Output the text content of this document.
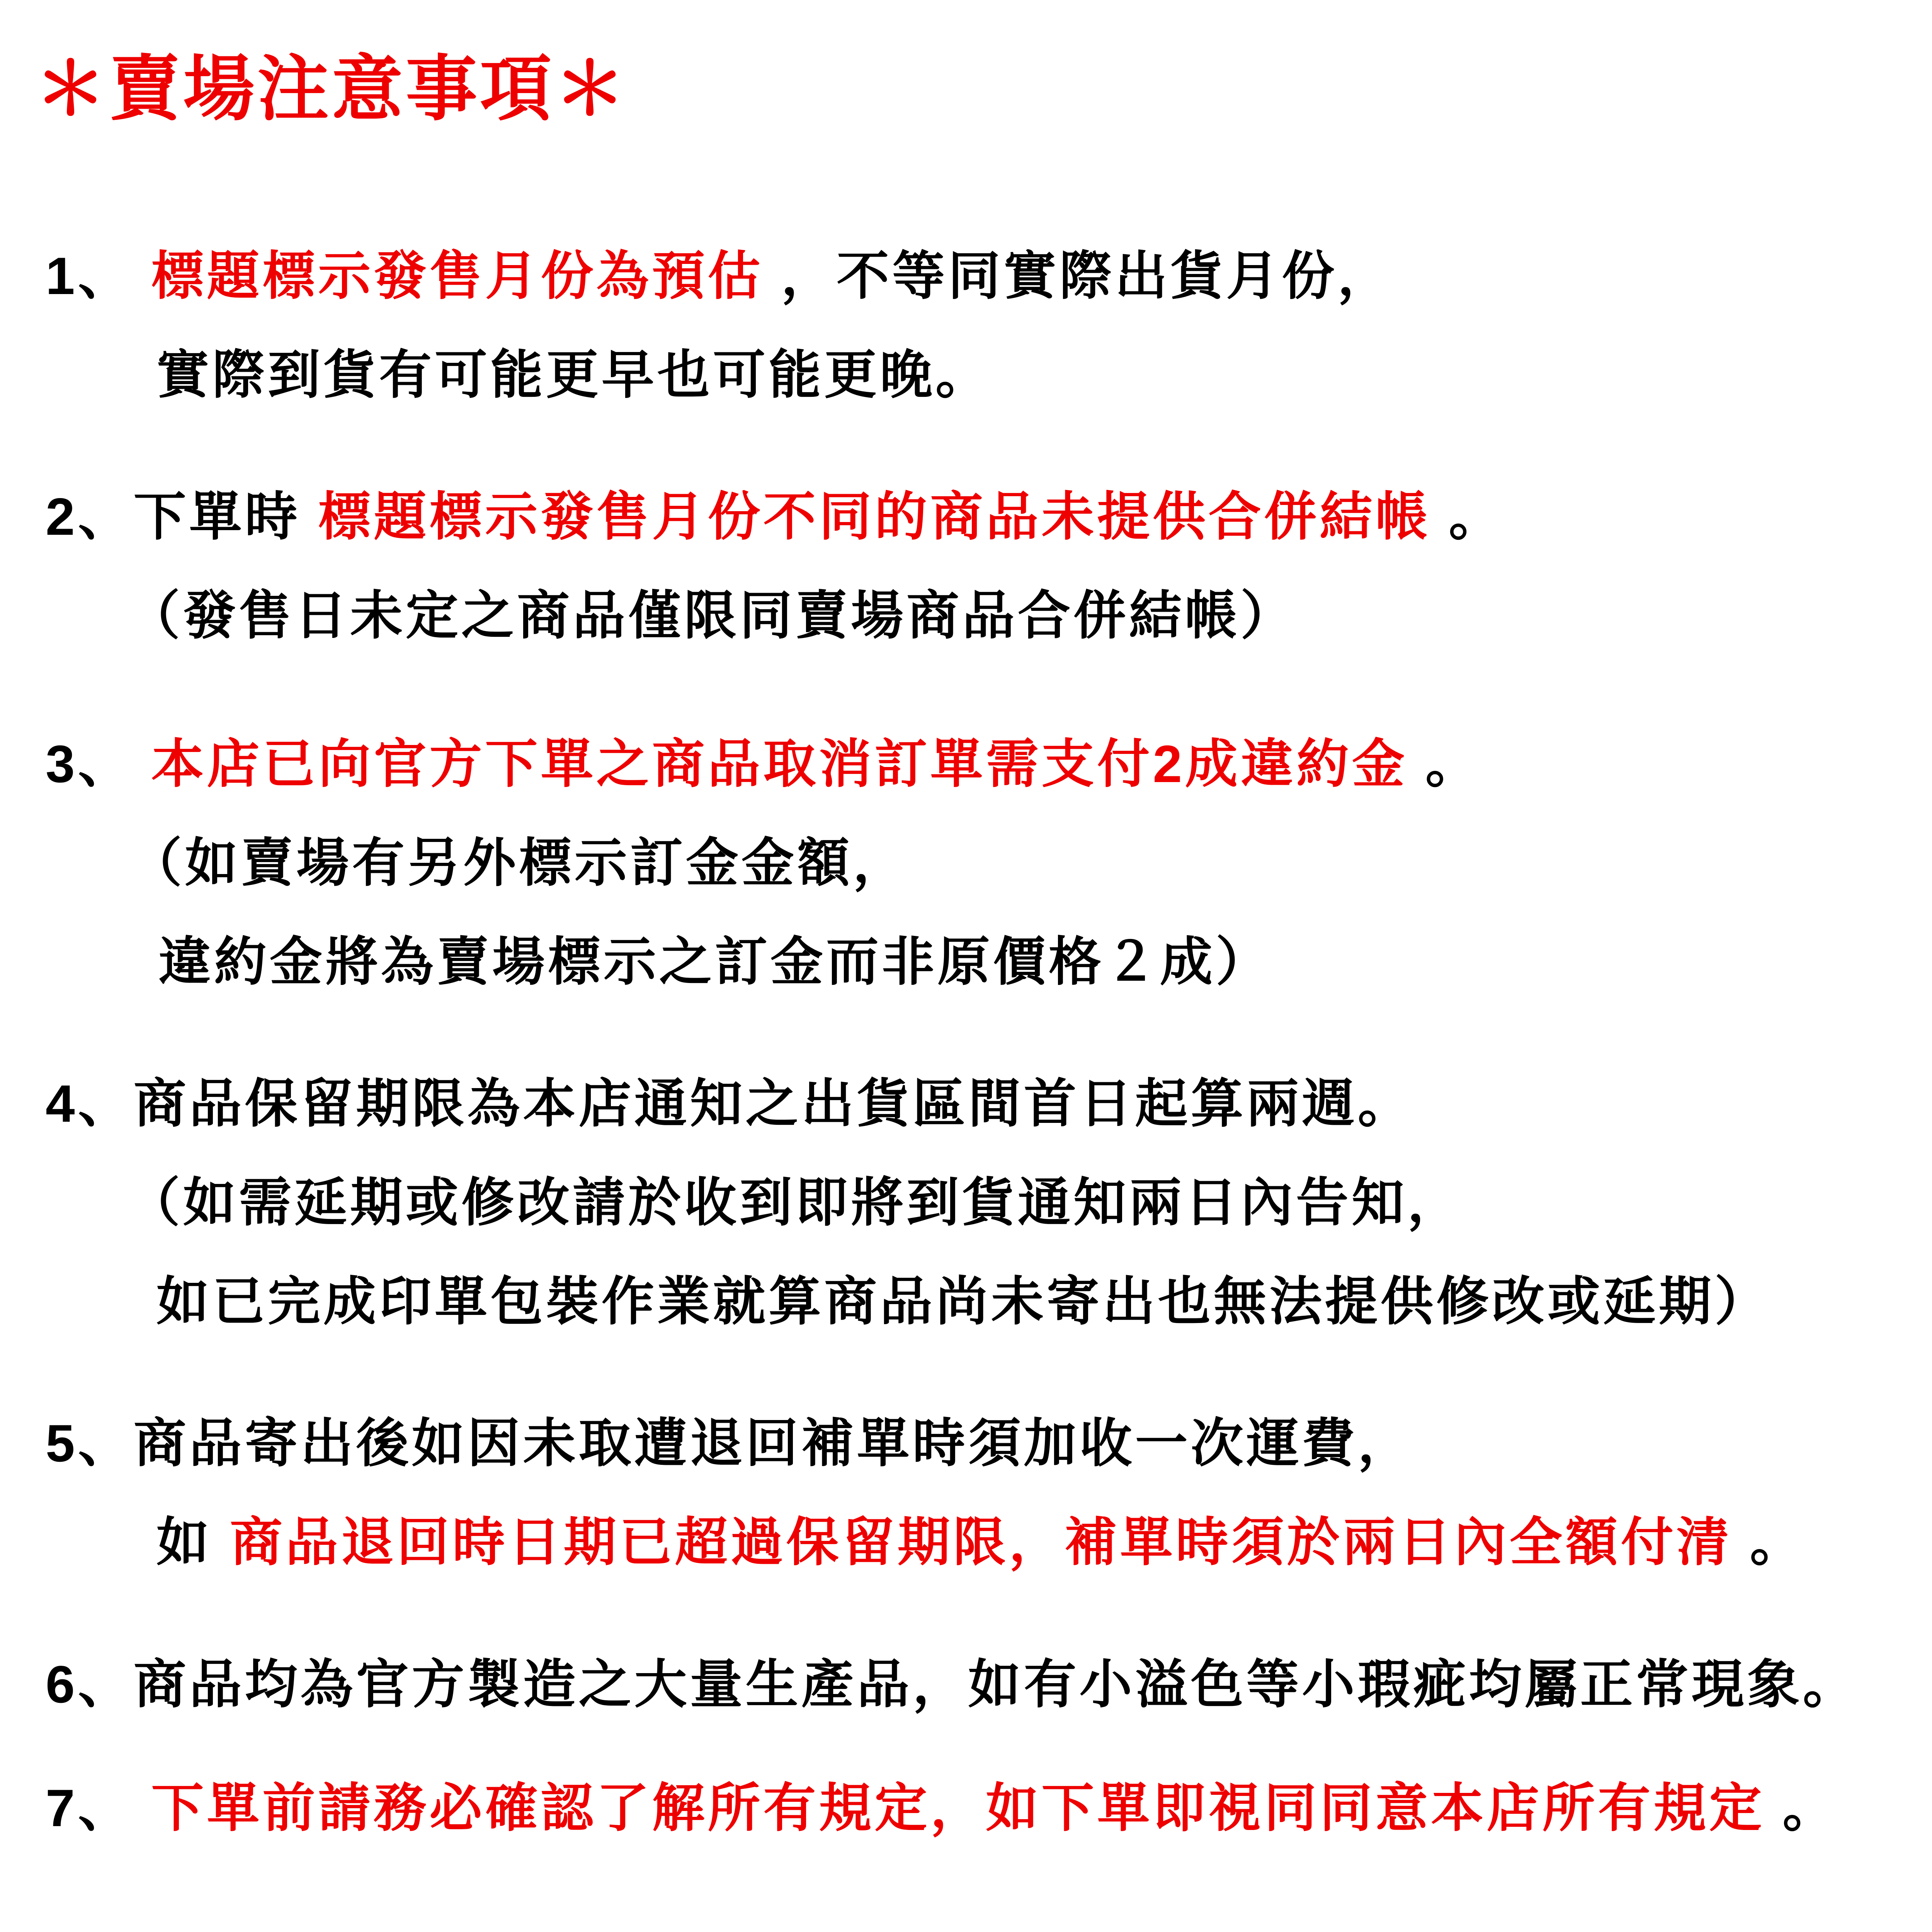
＊賣場注意事項＊
1、 標題標示發售月份為預估 ，不等同實際出貨月份，
實際到貨有可能更早也可能更晚。
2、下單時 標題標示發售月份不同的商品未提供合併結帳 。
（發售日未定之商品僅限同賣場商品合併結帳）
3、 本店已向官方下單之商品取消訂單需支付2成違約金 。
（如賣場有另外標示訂金金額，
違約金將為賣場標示之訂金而非原價格２成）
4、商品保留期限為本店通知之出貨區間首日起算兩週。
（如需延期或修改請於收到即將到貨通知兩日內告知，
如已完成印單包裝作業就算商品尚未寄出也無法提供修改或延期）
5、商品寄出後如因未取遭退回補單時須加收一次運費，
如 商品退回時日期已超過保留期限，補單時須於兩日內全額付清 。
6、商品均為官方製造之大量生產品，如有小溢色等小瑕疵均屬正常現象。
7、 下單前請務必確認了解所有規定，如下單即視同同意本店所有規定 。
